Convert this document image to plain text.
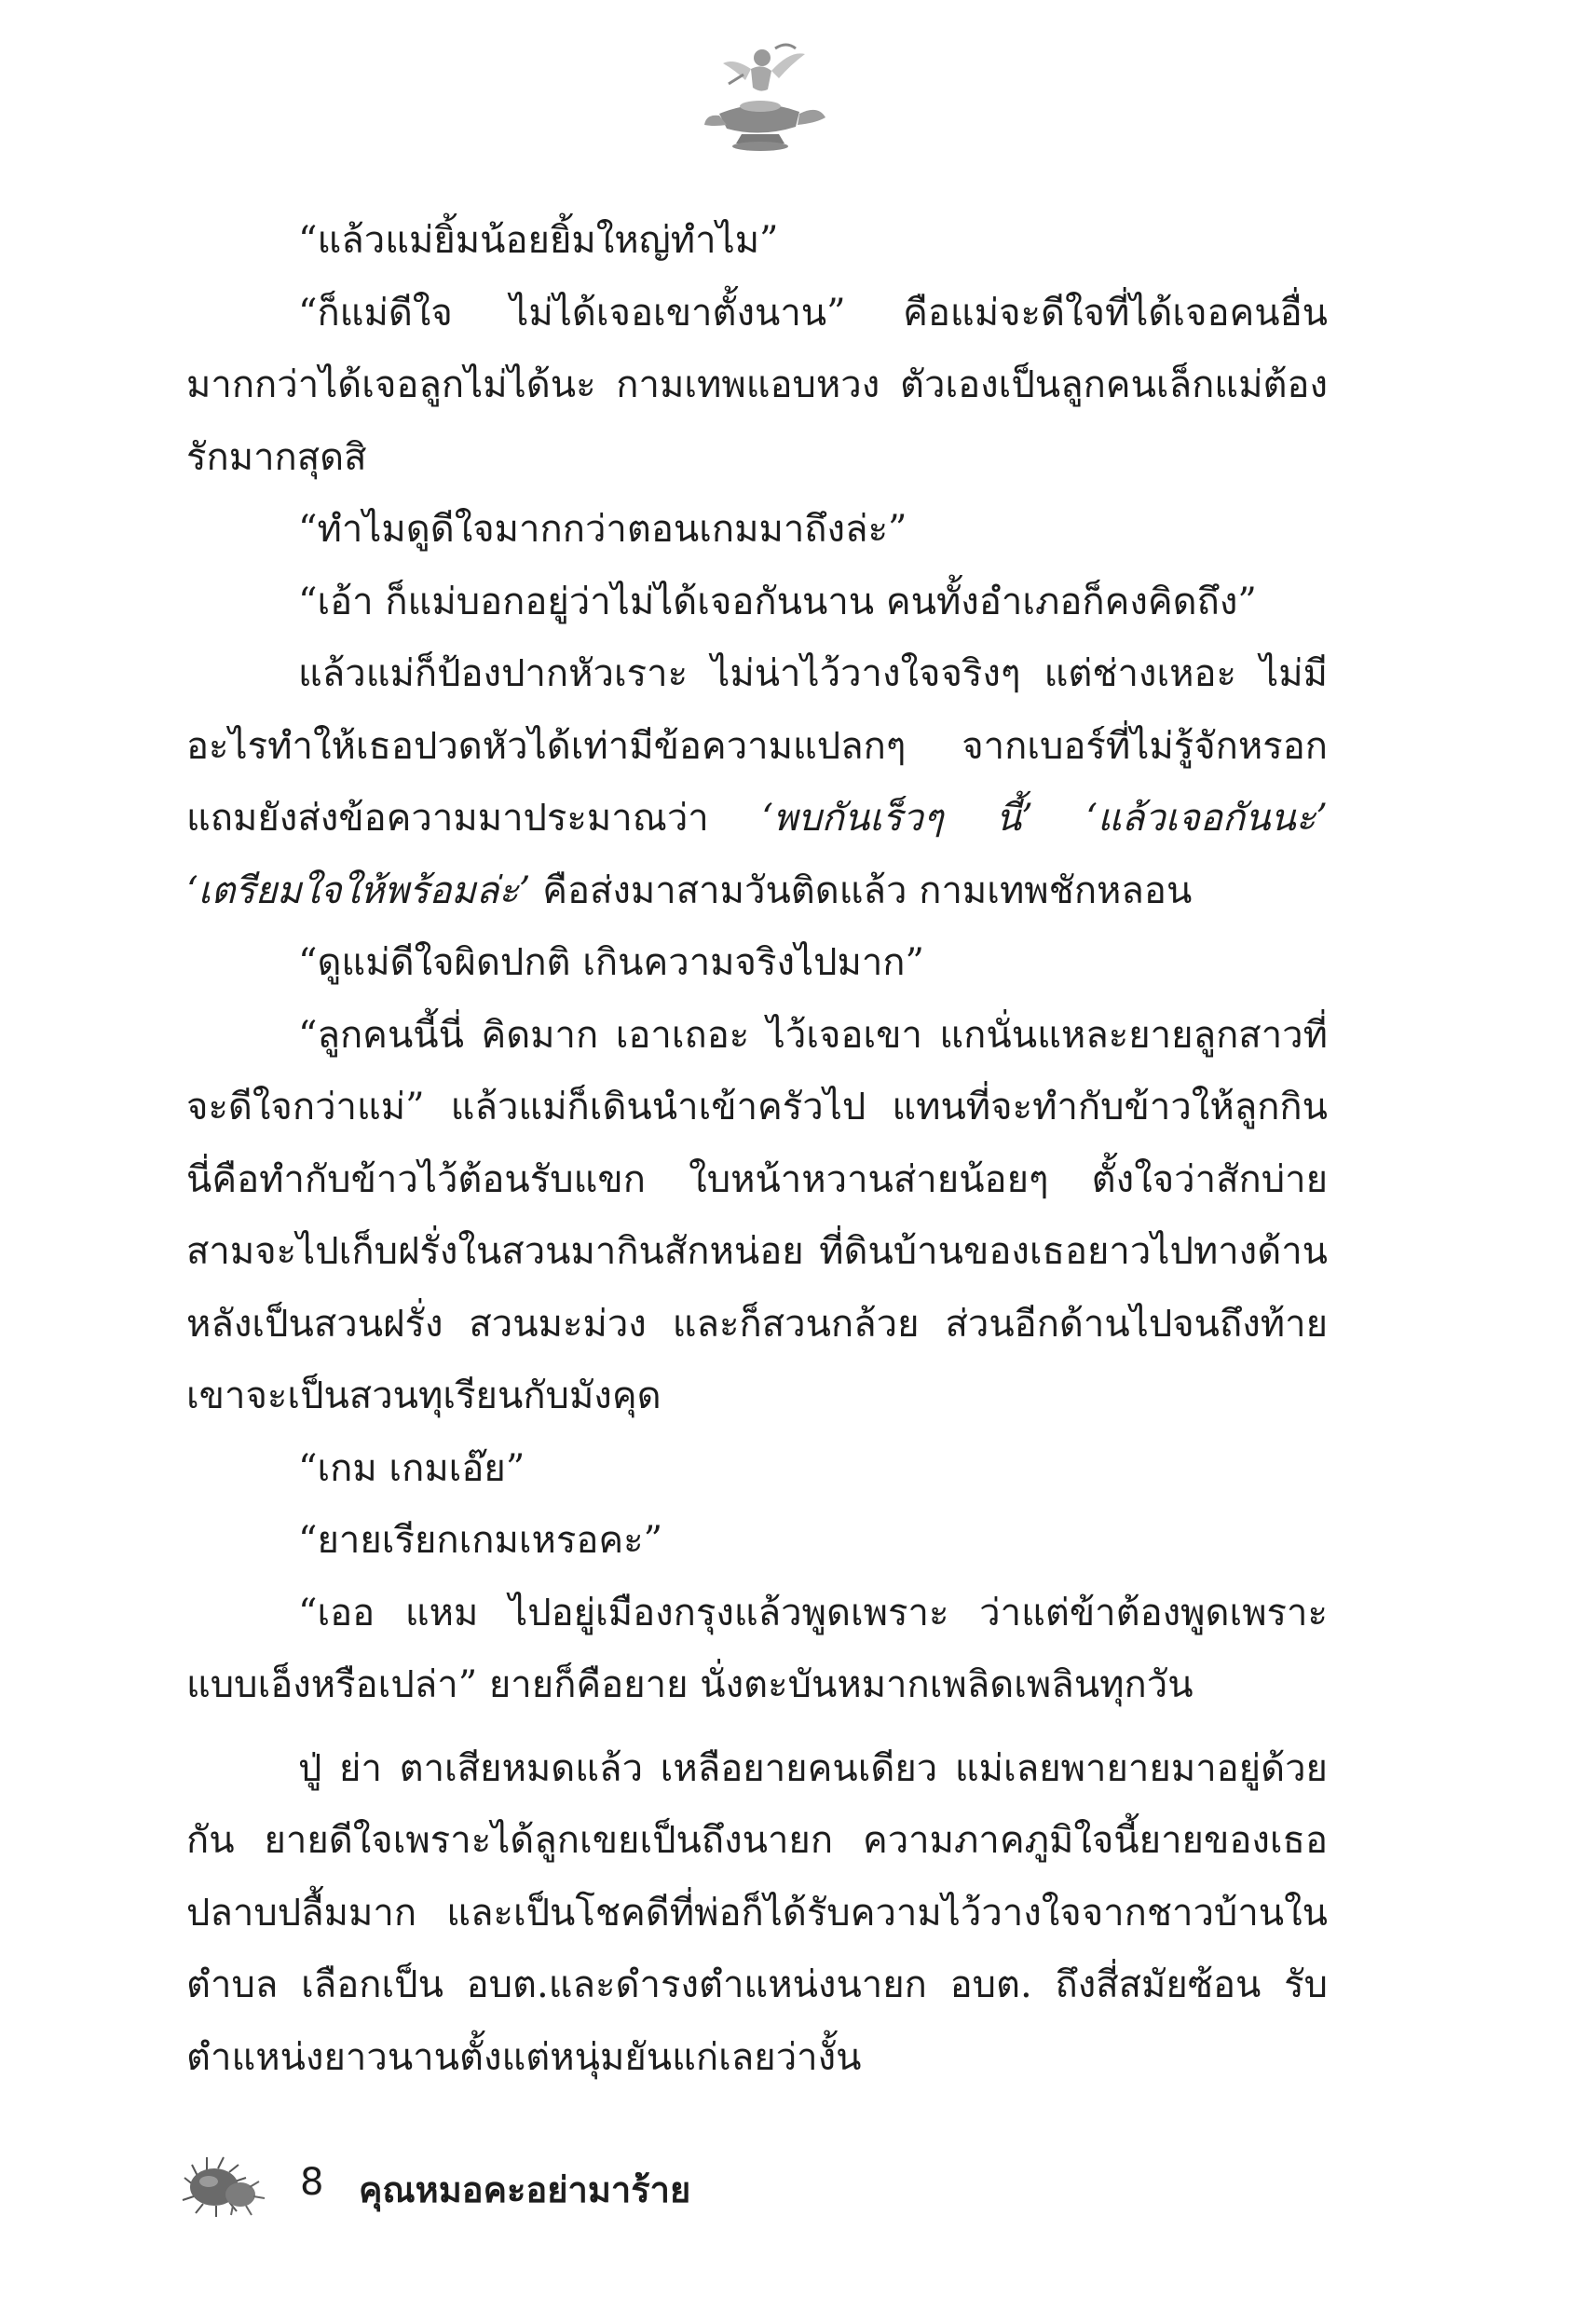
“แล้วแม่ยิ้มน้อยยิ้มใหญ่ทำไม”

“ก็แม่ดีใจ ไม่ได้เจอเขาตั้งนาน” คือแม่จะดีใจที่ได้เจอคนอื่นมากกว่าได้เจอลูกไม่ได้นะ กามเทพแอบหวง ตัวเองเป็นลูกคนเล็กแม่ต้องรักมากสุดสิ

“ทำไมดูดีใจมากกว่าตอนเกมมาถึงล่ะ”

“เอ้า ก็แม่บอกอยู่ว่าไม่ได้เจอกันนาน คนทั้งอำเภอก็คงคิดถึง”

แล้วแม่ก็ป้องปากหัวเราะ ไม่น่าไว้วางใจจริงๆ แต่ช่างเหอะ ไม่มีอะไรทำให้เธอปวดหัวได้เท่ามีข้อความแปลกๆ จากเบอร์ที่ไม่รู้จักหรอก แถมยังส่งข้อความมาประมาณว่า ‘พบกันเร็วๆ นี้’ ‘แล้วเจอกันนะ’ ‘เตรียมใจให้พร้อมล่ะ’ คือส่งมาสามวันติดแล้ว กามเทพชักหลอน

“ดูแม่ดีใจผิดปกติ เกินความจริงไปมาก”

“ลูกคนนี้นี่ คิดมาก เอาเถอะ ไว้เจอเขา แกนั่นแหละยายลูกสาวที่จะดีใจกว่าแม่” แล้วแม่ก็เดินนำเข้าครัวไป แทนที่จะทำกับข้าวให้ลูกกิน นี่คือทำกับข้าวไว้ต้อนรับแขก ใบหน้าหวานส่ายน้อยๆ ตั้งใจว่าสักบ่ายสามจะไปเก็บฝรั่งในสวนมากินสักหน่อย ที่ดินบ้านของเธอยาวไปทางด้านหลังเป็นสวนฝรั่ง สวนมะม่วง และก็สวนกล้วย ส่วนอีกด้านไปจนถึงท้ายเขาจะเป็นสวนทุเรียนกับมังคุด

“เกม เกมเอ๊ย”

“ยายเรียกเกมเหรอคะ”

“เออ แหม ไปอยู่เมืองกรุงแล้วพูดเพราะ ว่าแต่ข้าต้องพูดเพราะแบบเอ็งหรือเปล่า” ยายก็คือยาย นั่งตะบันหมากเพลิดเพลินทุกวัน

ปู่ ย่า ตาเสียหมดแล้ว เหลือยายคนเดียว แม่เลยพายายมาอยู่ด้วยกัน ยายดีใจเพราะได้ลูกเขยเป็นถึงนายก ความภาคภูมิใจนี้ยายของเธอปลาบปลื้มมาก และเป็นโชคดีที่พ่อก็ได้รับความไว้วางใจจากชาวบ้านในตำบล เลือกเป็น อบต.และดำรงตำแหน่งนายก อบต. ถึงสี่สมัยซ้อน รับตำแหน่งยาวนานตั้งแต่หนุ่มยันแก่เลยว่างั้น

8 คุณหมอคะอย่ามาร้าย
